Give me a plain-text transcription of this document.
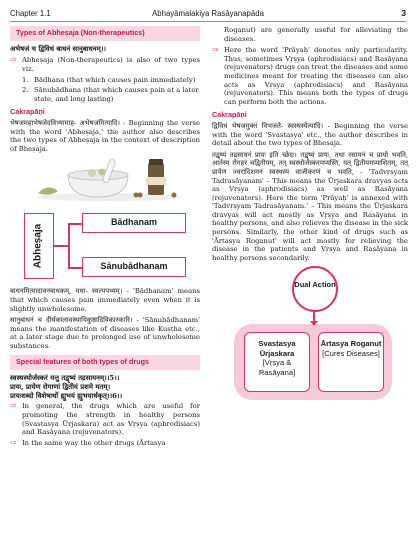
Chapter 1.1	Abhayāmalakiya Rasāyanapāda	3
Types of Abheṣaja (Non-therapeutics)
अभेषजं च द्विविधं बाधनं सानुबाधनम्।।
⇨ Abheṣaja (Non-therapeutics) is also of two types viz.
1. Bādhana (that which causes pain immediately)
2. Sānubādhana (that which causes pain at a later state, and long lasting)
Cakrapāṇi
भेषजमहाभेषजेदविभ्यामाह- अभेषजमित्यादि। - Beginning the verse with the word 'Abheṣaja,' the author also describes the two types of Abheṣaja in the context of description of Bheṣaja.
Abheṣaja
Bādhanam
Sānubādhanam
बाधनमित्यादावनबाधकम्, यथा- स्वल्पपथ्यम्। - 'Bādhanam' means that which causes pain immediately even when it is slightly unwholesome.
सानुबाधनं च दीर्घकालावस्थायिकुष्ठादिविकारकारि। - 'Sānubādhanam' means the manifestation of diseases like Kuṣṭha etc., at a later stage due to prolonged use of unwholesome substances.
Special features of both types of drugs
स्वस्थस्योर्जस्करं यत्तु तद्वृष्यं तद्रसायनम्।।5।।
प्रायः, प्रायेण रोगाणां द्वितीयं प्रशमे मतम्।
प्रायःशब्दो विशेषार्थो ह्युभयं ह्युभयार्थकृत्।।6।।
⇨ In general, the drugs which are useful for promoting the strength in healthy persons (Svastasya Ūrjaskara) act as Vṛṣya (aphrodisiacs) and Rasāyana (rejuvenators).
⇨ In the same way the other drugs (Ārtasya
Roganut) are generally useful for alleviating the diseases.
⇨ Here the word 'Prāyaḥ' denotes only particularity. Thus, sometimes Vṛṣya (aphrodisiacs) and Rasāyana (rejuvenators) drugs can treat the diseases and some medicines meant for treating the diseases can also acts as Vṛṣya (aphrodisiacs) and Rasāyana (rejuvenators). This means both the types of drugs can perform both the actions.
Cakrapāṇi
द्विविधं भेषजमुक्तं विभजते- स्वस्थस्येत्यादि। - Beginning the verse with the word 'Svastasya' etc., the author describes in detail about the two types of Bheṣaja.
तद्वृष्यं तद्रसायनं प्रायः इति च्छेदः। तद्वृष्यं प्रायः, तथा रसायनं च प्रायो भवति, आर्तस्य रोगहरं चद्वितीयम्, तत् स्वस्थोर्जस्करमप्यस्ति, यत् द्वितीयमप्याशितम्, तत् प्रायेण ज्वरादिशमनं स्वस्थस्य वाजीकरणं च भवति, - 'Tadvṛṣyam Tadrasāyanam' – This means the Ūrjaskara dravyas acts as Vṛṣya (aphrodisiacs) as well as Rasāyana (rejuvenators). Here the term 'Prāyaḥ' is annexed with 'Tadvṛṣyam Tadrasāyanam.' – This means the Ūrjaskara dravyas will act mostly as Vṛṣya and Rasāyana in healthy persons, and also relieves the disease in the sick persons. Similarly, the other kind of drugs such as 'Ārtasya Roganut' will act mostly for relieving the disease in the patients and Vṛṣya and Rasāyana in healthy persons secondarily.
Dual Action
Svastasya Ūrjaskara
[Vṛṣya & Rasāyana]
Ārtasya Roganut
[Cures Diseases]
